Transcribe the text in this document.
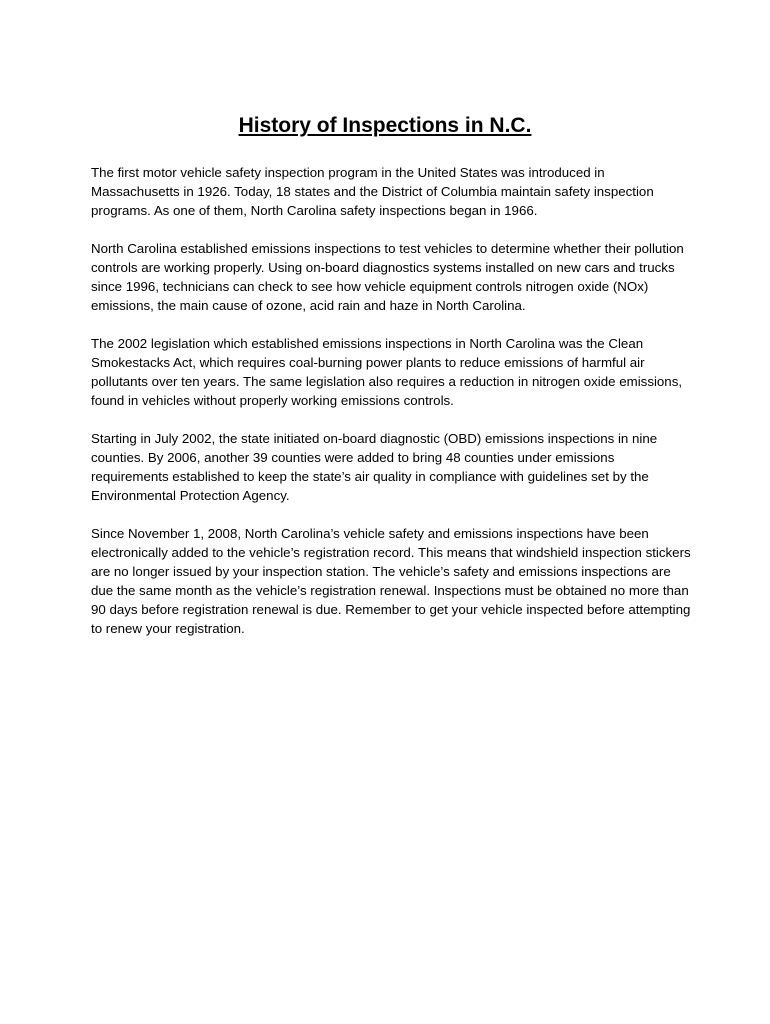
History of Inspections in N.C.

The first motor vehicle safety inspection program in the United States was introduced in Massachusetts in 1926. Today, 18 states and the District of Columbia maintain safety inspection programs. As one of them, North Carolina safety inspections began in 1966.

North Carolina established emissions inspections to test vehicles to determine whether their pollution controls are working properly. Using on-board diagnostics systems installed on new cars and trucks since 1996, technicians can check to see how vehicle equipment controls nitrogen oxide (NOx) emissions, the main cause of ozone, acid rain and haze in North Carolina.

The 2002 legislation which established emissions inspections in North Carolina was the Clean Smokestacks Act, which requires coal-burning power plants to reduce emissions of harmful air pollutants over ten years. The same legislation also requires a reduction in nitrogen oxide emissions, found in vehicles without properly working emissions controls.

Starting in July 2002, the state initiated on-board diagnostic (OBD) emissions inspections in nine counties. By 2006, another 39 counties were added to bring 48 counties under emissions requirements established to keep the state’s air quality in compliance with guidelines set by the Environmental Protection Agency.

Since November 1, 2008, North Carolina’s vehicle safety and emissions inspections have been electronically added to the vehicle’s registration record. This means that windshield inspection stickers are no longer issued by your inspection station. The vehicle’s safety and emissions inspections are due the same month as the vehicle’s registration renewal. Inspections must be obtained no more than 90 days before registration renewal is due. Remember to get your vehicle inspected before attempting to renew your registration.
